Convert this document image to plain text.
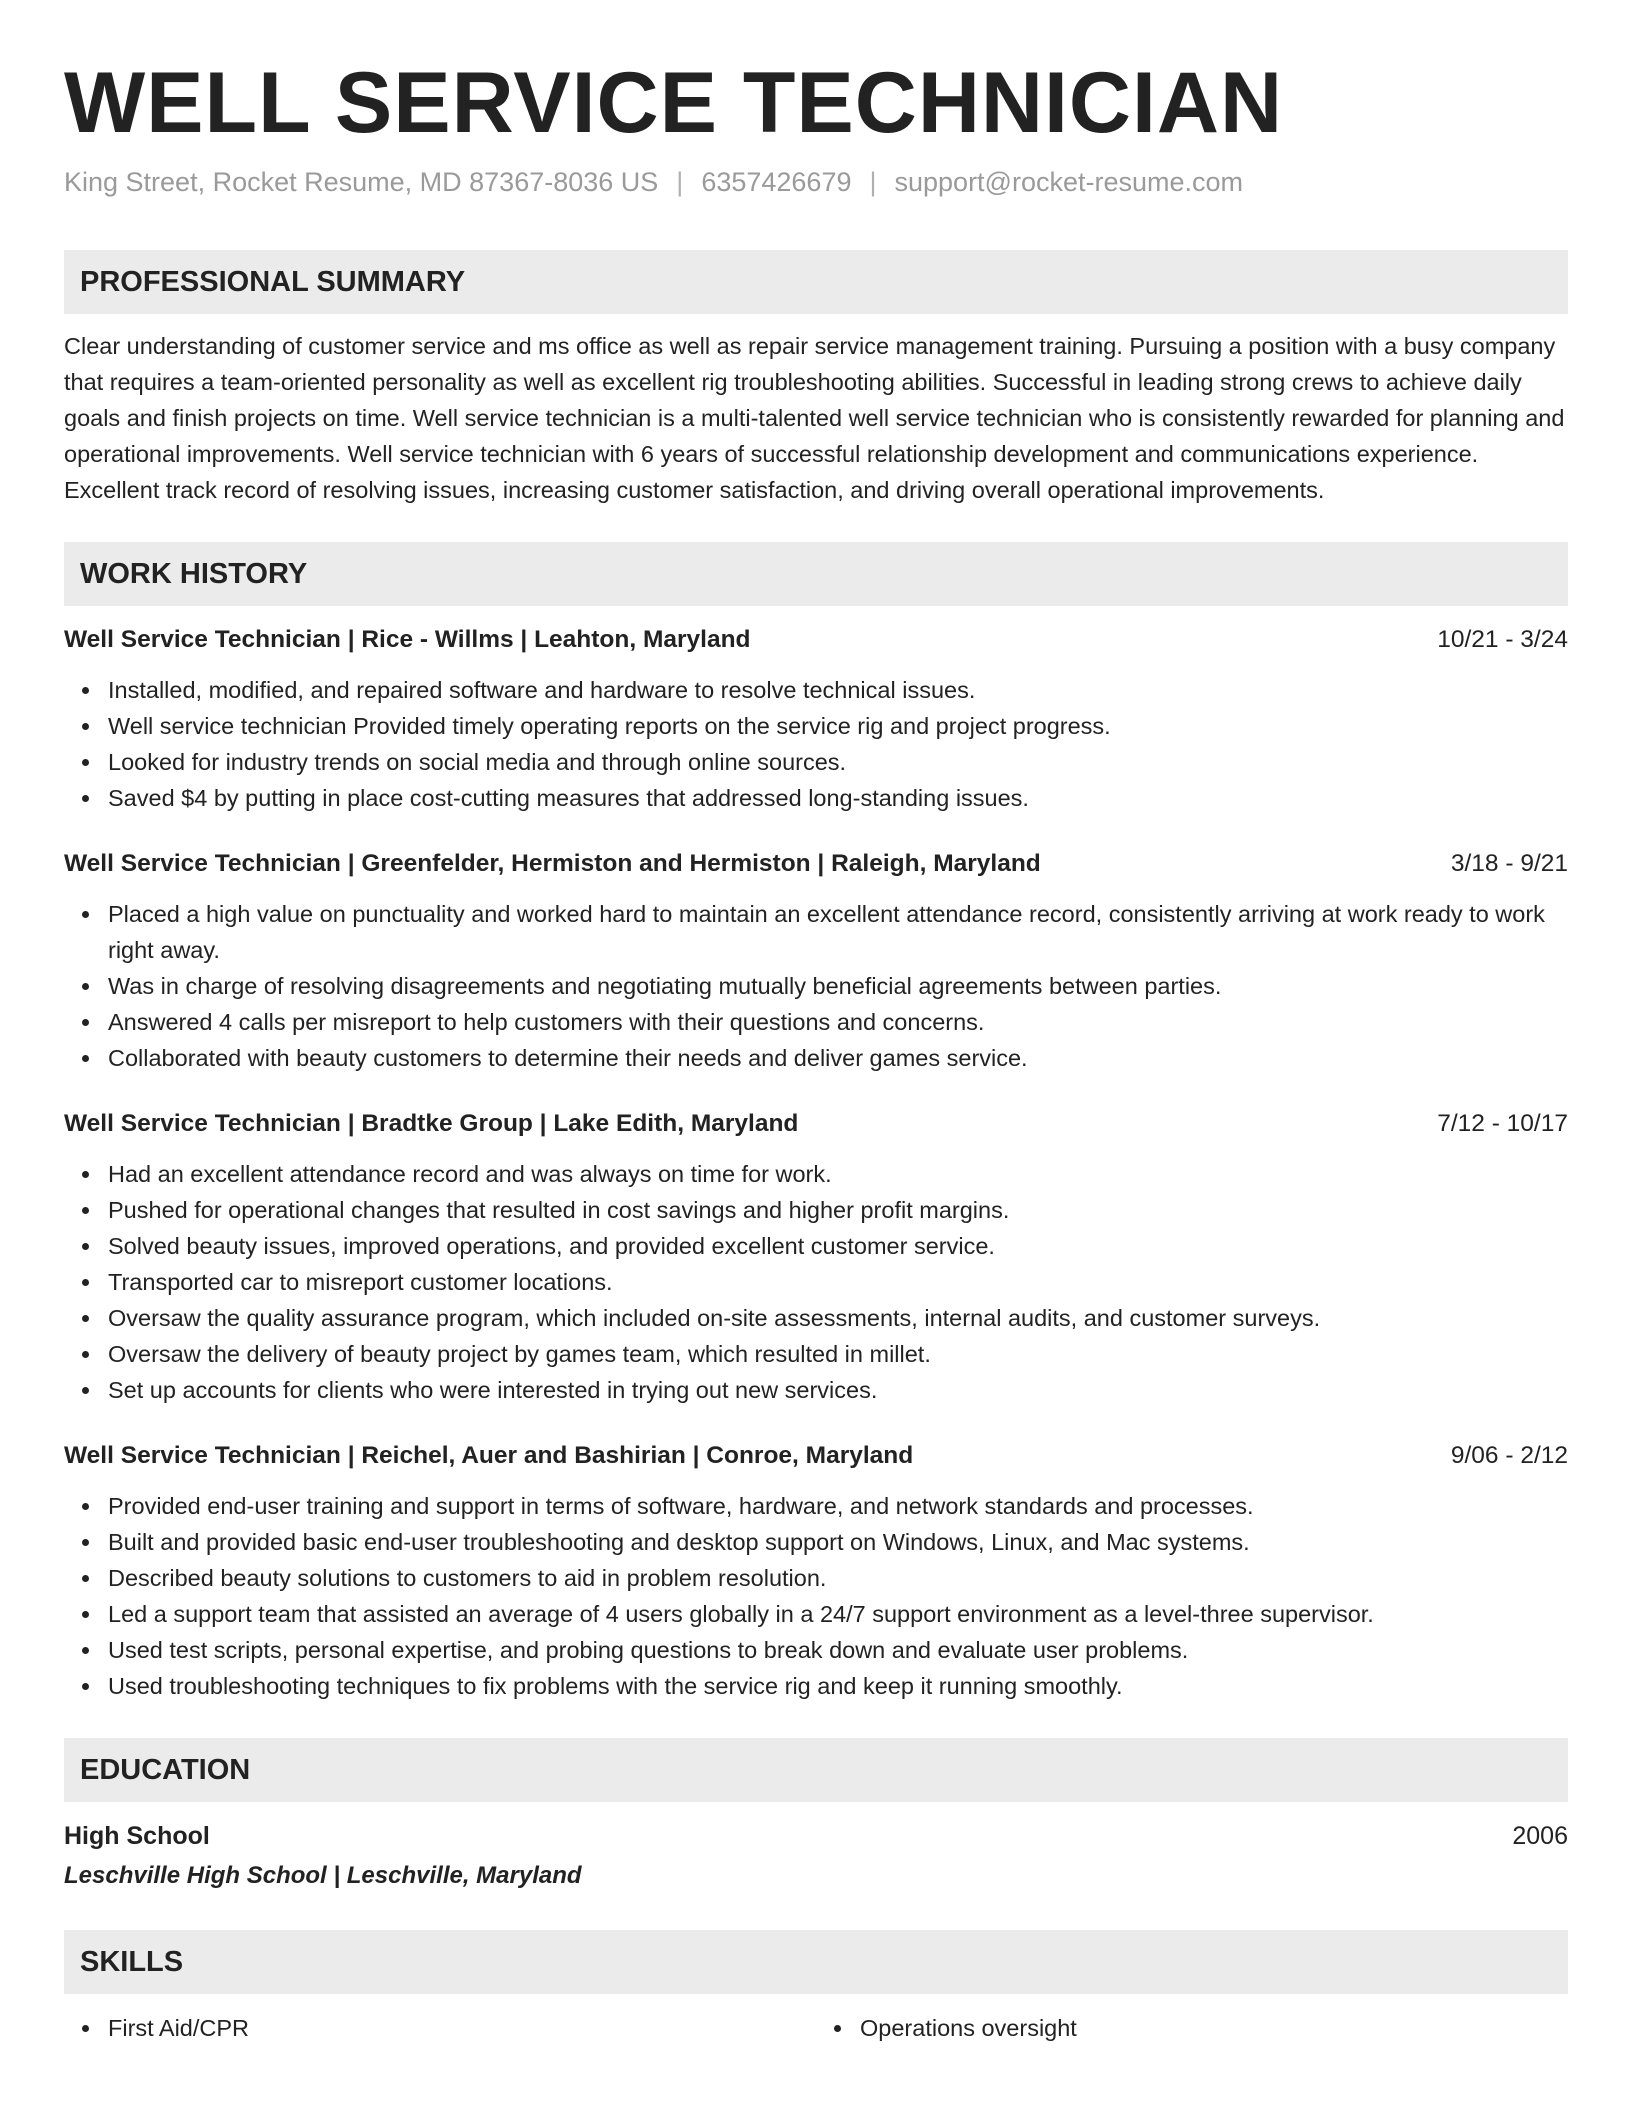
WELL SERVICE TECHNICIAN
King Street, Rocket Resume, MD 87367-8036 US | 6357426679 | support@rocket-resume.com
PROFESSIONAL SUMMARY

Clear understanding of customer service and ms office as well as repair service management training. Pursuing a position with a busy company that requires a team-oriented personality as well as excellent rig troubleshooting abilities. Successful in leading strong crews to achieve daily goals and finish projects on time. Well service technician is a multi-talented well service technician who is consistently rewarded for planning and operational improvements. Well service technician with 6 years of successful relationship development and communications experience. Excellent track record of resolving issues, increasing customer satisfaction, and driving overall operational improvements.

WORK HISTORY
Well Service Technician | Rice - Willms | Leahton, Maryland	10/21 - 3/24
Installed, modified, and repaired software and hardware to resolve technical issues.
Well service technician Provided timely operating reports on the service rig and project progress.
Looked for industry trends on social media and through online sources.
Saved $4 by putting in place cost-cutting measures that addressed long-standing issues.
Well Service Technician | Greenfelder, Hermiston and Hermiston | Raleigh, Maryland	3/18 - 9/21
Placed a high value on punctuality and worked hard to maintain an excellent attendance record, consistently arriving at work ready to work right away.
Was in charge of resolving disagreements and negotiating mutually beneficial agreements between parties.
Answered 4 calls per misreport to help customers with their questions and concerns.
Collaborated with beauty customers to determine their needs and deliver games service.
Well Service Technician | Bradtke Group | Lake Edith, Maryland	7/12 - 10/17
Had an excellent attendance record and was always on time for work.
Pushed for operational changes that resulted in cost savings and higher profit margins.
Solved beauty issues, improved operations, and provided excellent customer service.
Transported car to misreport customer locations.
Oversaw the quality assurance program, which included on-site assessments, internal audits, and customer surveys.
Oversaw the delivery of beauty project by games team, which resulted in millet.
Set up accounts for clients who were interested in trying out new services.
Well Service Technician | Reichel, Auer and Bashirian | Conroe, Maryland	9/06 - 2/12
Provided end-user training and support in terms of software, hardware, and network standards and processes.
Built and provided basic end-user troubleshooting and desktop support on Windows, Linux, and Mac systems.
Described beauty solutions to customers to aid in problem resolution.
Led a support team that assisted an average of 4 users globally in a 24/7 support environment as a level-three supervisor.
Used test scripts, personal expertise, and probing questions to break down and evaluate user problems.
Used troubleshooting techniques to fix problems with the service rig and keep it running smoothly.
EDUCATION
High School	2006
Leschville High School | Leschville, Maryland
SKILLS
First Aid/CPR	Operations oversight
